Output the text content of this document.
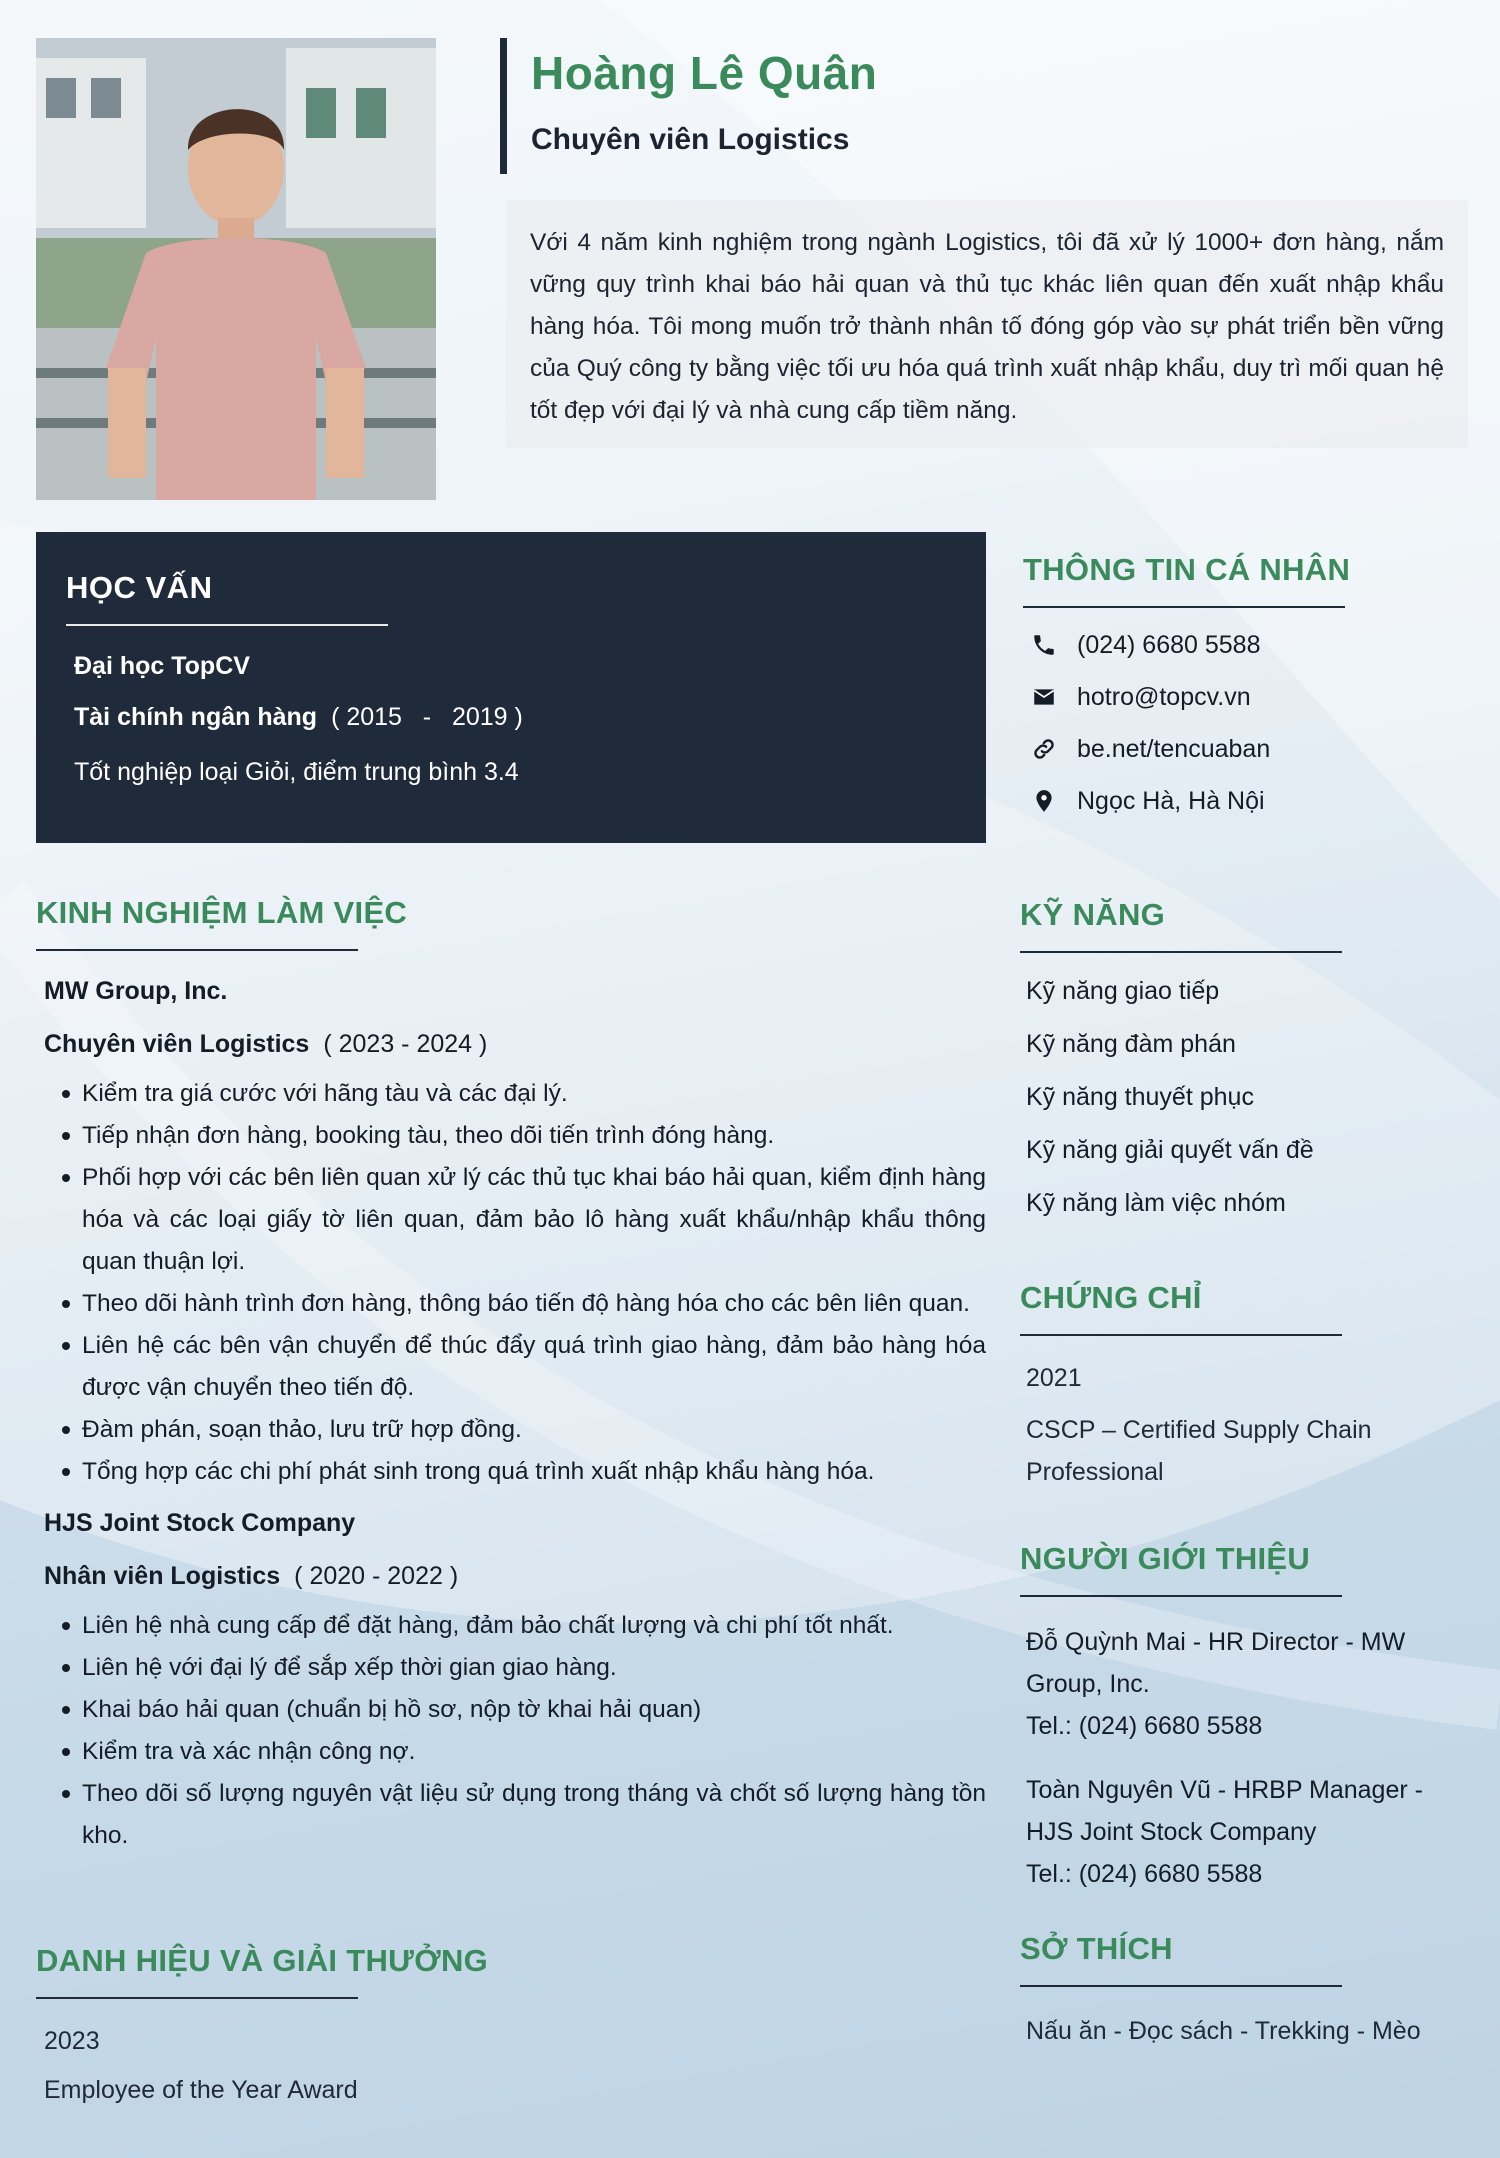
Hoàng Lê Quân
Chuyên viên Logistics
Với 4 năm kinh nghiệm trong ngành Logistics, tôi đã xử lý 1000+ đơn hàng, nắm vững quy trình khai báo hải quan và thủ tục khác liên quan đến xuất nhập khẩu hàng hóa. Tôi mong muốn trở thành nhân tố đóng góp vào sự phát triển bền vững của Quý công ty bằng việc tối ưu hóa quá trình xuất nhập khẩu, duy trì mối quan hệ tốt đẹp với đại lý và nhà cung cấp tiềm năng.
HỌC VẤN
Đại học TopCV
Tài chính ngân hàng ( 2015   -   2019 )
Tốt nghiệp loại Giỏi, điểm trung bình 3.4
KINH NGHIỆM LÀM VIỆC
MW Group, Inc.
Chuyên viên Logistics ( 2023 - 2024 )
Kiểm tra giá cước với hãng tàu và các đại lý.
Tiếp nhận đơn hàng, booking tàu, theo dõi tiến trình đóng hàng.
Phối hợp với các bên liên quan xử lý các thủ tục khai báo hải quan, kiểm định hàng hóa và các loại giấy tờ liên quan, đảm bảo lô hàng xuất khẩu/nhập khẩu thông quan thuận lợi.
Theo dõi hành trình đơn hàng, thông báo tiến độ hàng hóa cho các bên liên quan.
Liên hệ các bên vận chuyển để thúc đẩy quá trình giao hàng, đảm bảo hàng hóa được vận chuyển theo tiến độ.
Đàm phán, soạn thảo, lưu trữ hợp đồng.
Tổng hợp các chi phí phát sinh trong quá trình xuất nhập khẩu hàng hóa.
HJS Joint Stock Company
Nhân viên Logistics ( 2020 - 2022 )
Liên hệ nhà cung cấp để đặt hàng, đảm bảo chất lượng và chi phí tốt nhất.
Liên hệ với đại lý để sắp xếp thời gian giao hàng.
Khai báo hải quan (chuẩn bị hồ sơ, nộp tờ khai hải quan)
Kiểm tra và xác nhận công nợ.
Theo dõi số lượng nguyên vật liệu sử dụng trong tháng và chốt số lượng hàng tồn kho.
DANH HIỆU VÀ GIẢI THƯỞNG
2023
Employee of the Year Award
THÔNG TIN CÁ NHÂN
(024) 6680 5588
hotro@topcv.vn
be.net/tencuaban
Ngọc Hà, Hà Nội
KỸ NĂNG
Kỹ năng giao tiếp
Kỹ năng đàm phán
Kỹ năng thuyết phục
Kỹ năng giải quyết vấn đề
Kỹ năng làm việc nhóm
CHỨNG CHỈ
2021
CSCP – Certified Supply Chain Professional
NGƯỜI GIỚI THIỆU
Đỗ Quỳnh Mai - HR Director - MW Group, Inc.
Tel.: (024) 6680 5588
Toàn Nguyên Vũ - HRBP Manager - HJS Joint Stock Company
Tel.: (024) 6680 5588
SỞ THÍCH
Nấu ăn - Đọc sách - Trekking - Mèo
